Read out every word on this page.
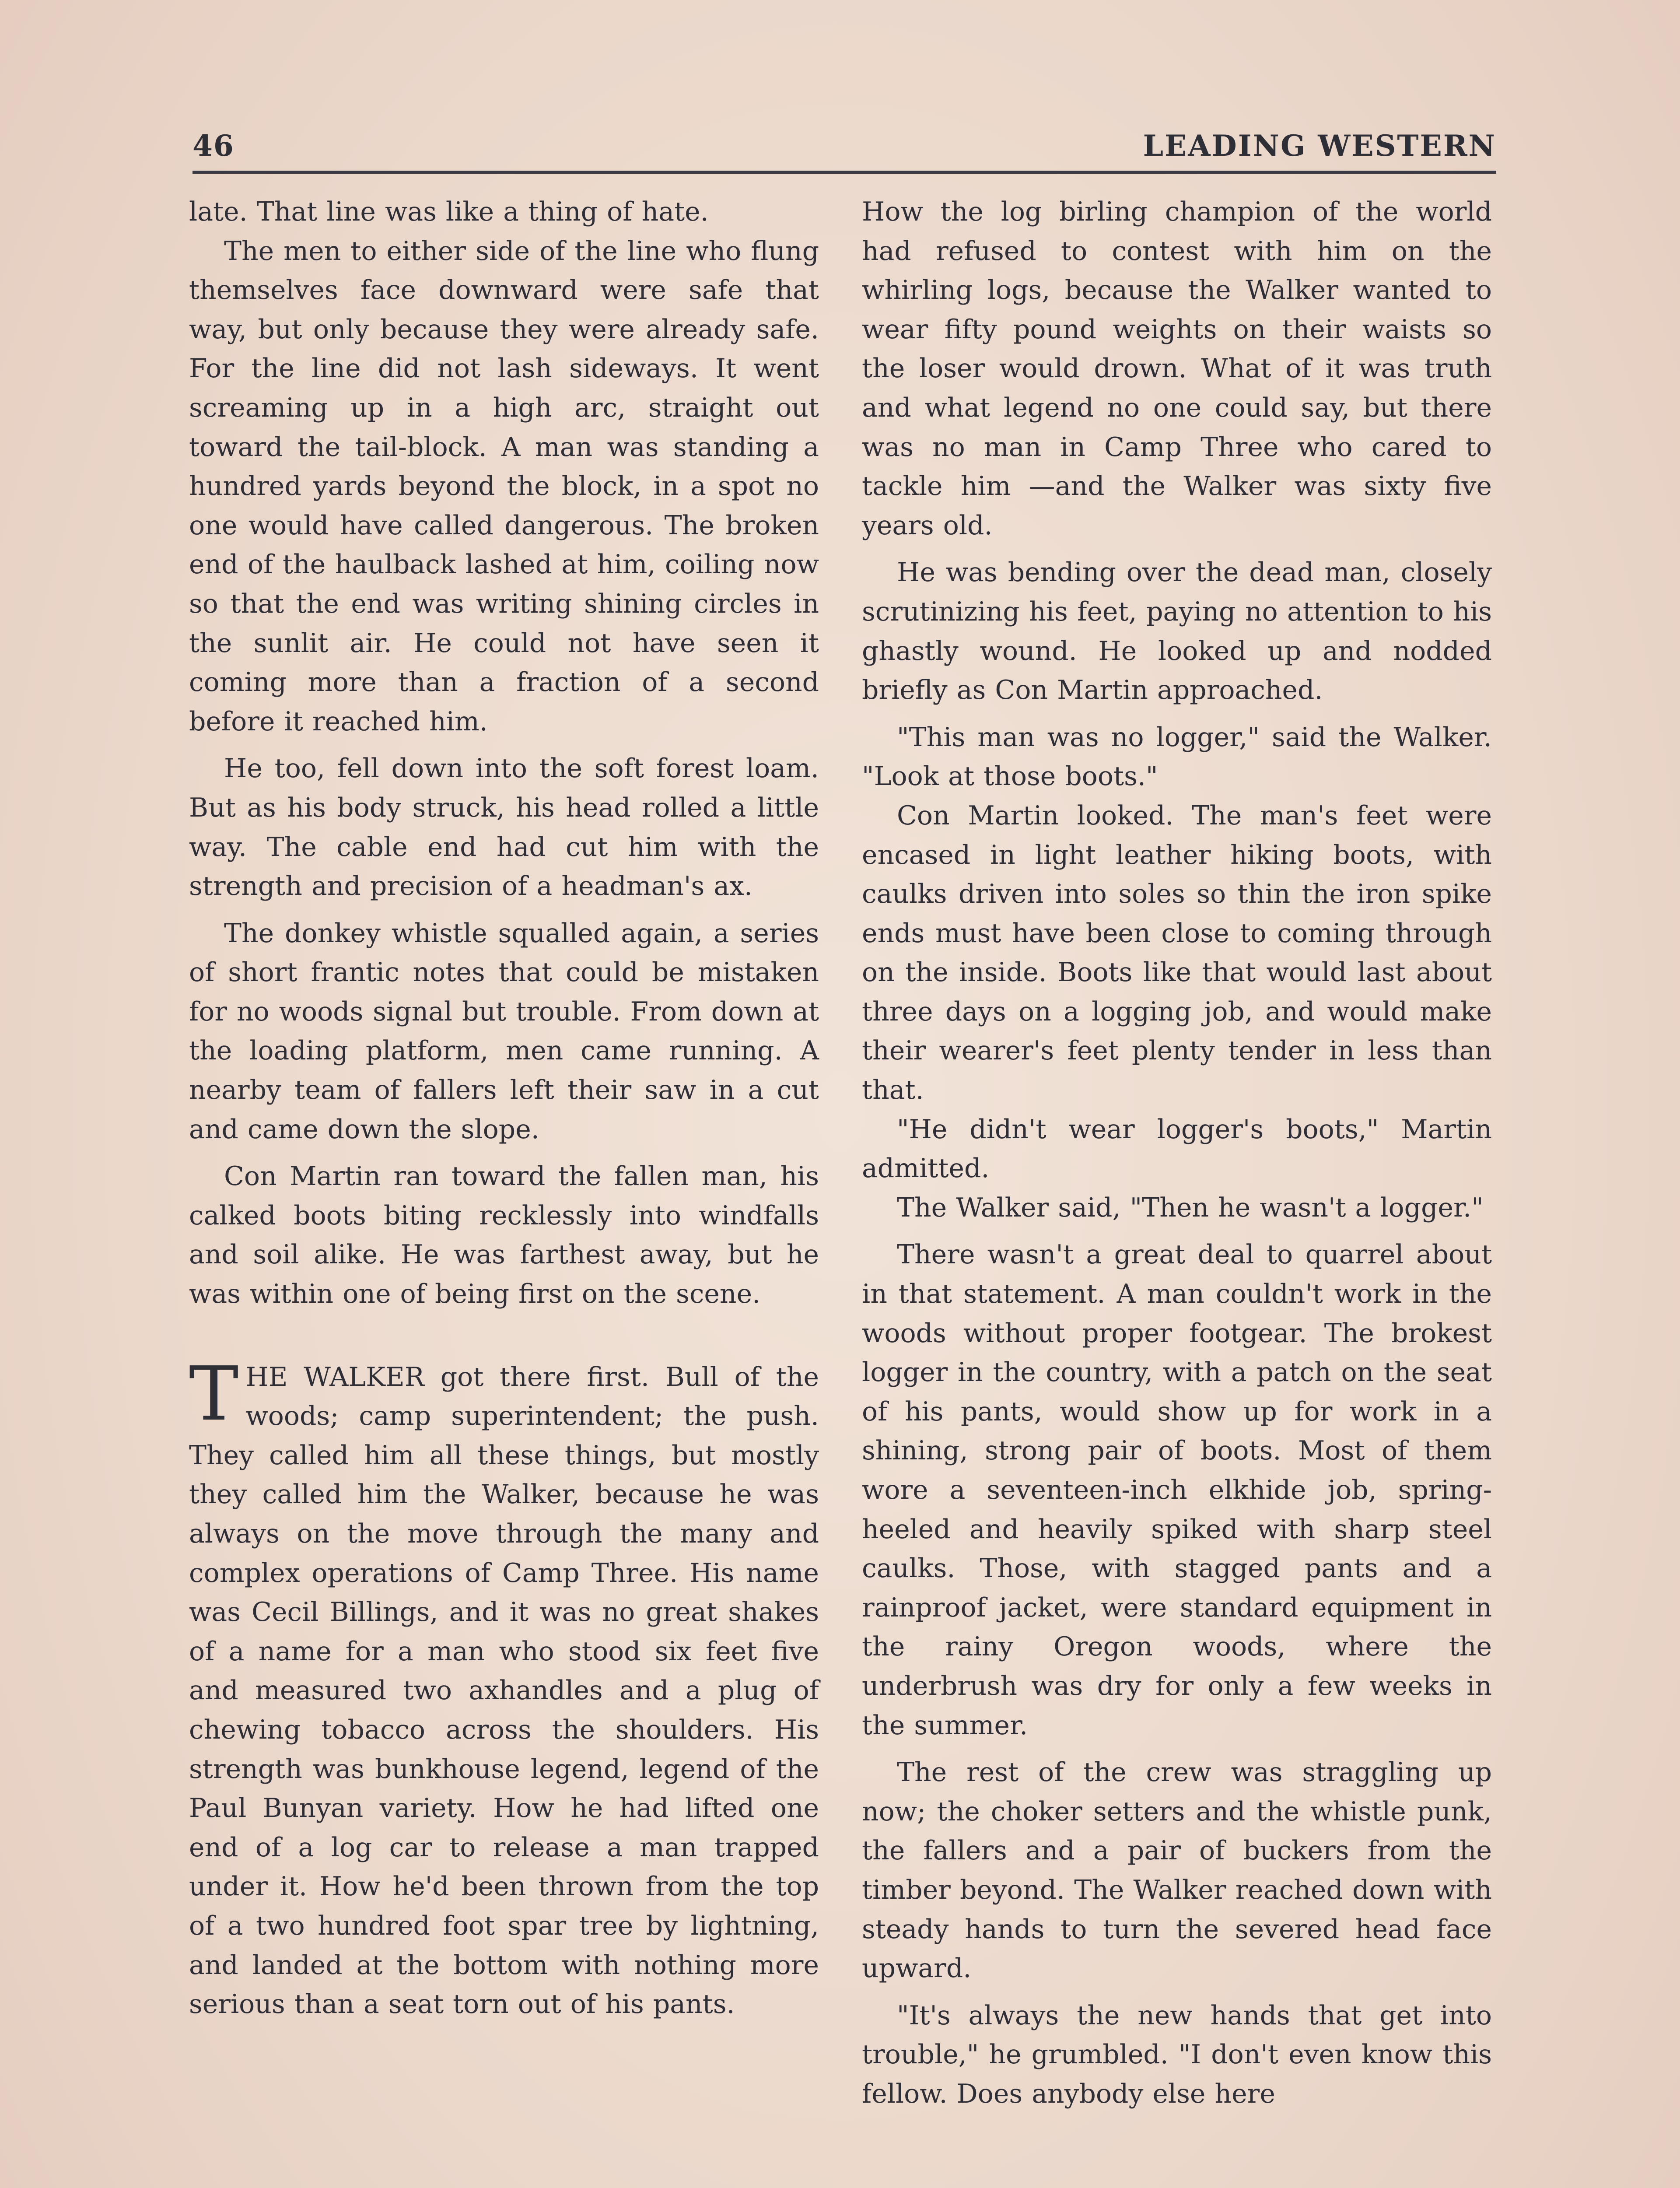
46	LEADING WESTERN

late. That line was like a thing of hate.

The men to either side of the line who flung themselves face downward were safe that way, but only because they were already safe. For the line did not lash sideways. It went screaming up in a high arc, straight out toward the tail-block. A man was standing a hundred yards beyond the block, in a spot no one would have called dangerous. The broken end of the haulback lashed at him, coiling now so that the end was writing shining circles in the sunlit air. He could not have seen it coming more than a fraction of a second before it reached him.

He too, fell down into the soft forest loam. But as his body struck, his head rolled a little way. The cable end had cut him with the strength and precision of a headman's ax.

The donkey whistle squalled again, a series of short frantic notes that could be mistaken for no woods signal but trouble. From down at the loading platform, men came running. A nearby team of fallers left their saw in a cut and came down the slope.

Con Martin ran toward the fallen man, his calked boots biting recklessly into windfalls and soil alike. He was farthest away, but he was within one of being first on the scene.

THE WALKER got there first. Bull of the woods; camp superintendent; the push. They called him all these things, but mostly they called him the Walker, because he was always on the move through the many and complex operations of Camp Three. His name was Cecil Billings, and it was no great shakes of a name for a man who stood six feet five and measured two axhandles and a plug of chewing tobacco across the shoulders. His strength was bunkhouse legend, legend of the Paul Bunyan variety. How he had lifted one end of a log car to release a man trapped under it. How he'd been thrown from the top of a two hundred foot spar tree by lightning, and landed at the bottom with nothing more serious than a seat torn out of his pants.

How the log birling champion of the world had refused to contest with him on the whirling logs, because the Walker wanted to wear fifty pound weights on their waists so the loser would drown. What of it was truth and what legend no one could say, but there was no man in Camp Three who cared to tackle him —and the Walker was sixty five years old.

He was bending over the dead man, closely scrutinizing his feet, paying no attention to his ghastly wound. He looked up and nodded briefly as Con Martin approached.

"This man was no logger," said the Walker. "Look at those boots."

Con Martin looked. The man's feet were encased in light leather hiking boots, with caulks driven into soles so thin the iron spike ends must have been close to coming through on the inside. Boots like that would last about three days on a logging job, and would make their wearer's feet plenty tender in less than that.

"He didn't wear logger's boots," Martin admitted.

The Walker said, "Then he wasn't a logger."

There wasn't a great deal to quarrel about in that statement. A man couldn't work in the woods without proper footgear. The brokest logger in the country, with a patch on the seat of his pants, would show up for work in a shining, strong pair of boots. Most of them wore a seventeen-inch elkhide job, spring-heeled and heavily spiked with sharp steel caulks. Those, with stagged pants and a rainproof jacket, were standard equipment in the rainy Oregon woods, where the underbrush was dry for only a few weeks in the summer.

The rest of the crew was straggling up now; the choker setters and the whistle punk, the fallers and a pair of buckers from the timber beyond. The Walker reached down with steady hands to turn the severed head face upward.

"It's always the new hands that get into trouble," he grumbled. "I don't even know this fellow. Does anybody else here
